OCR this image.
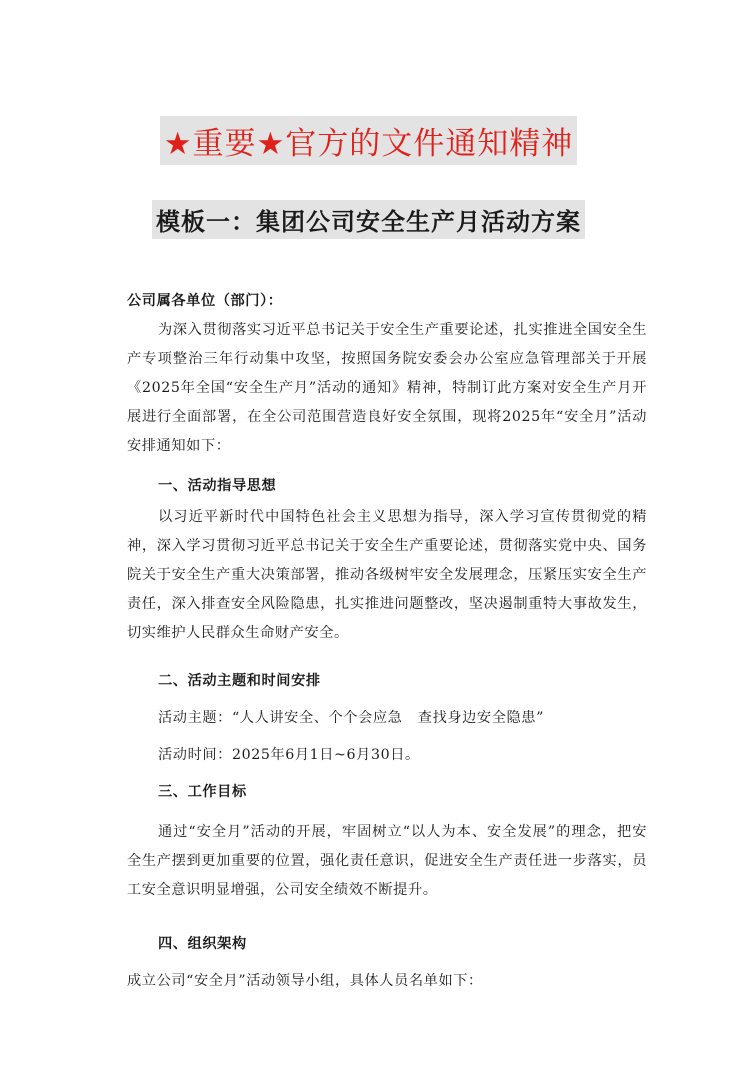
★重要★官方的文件通知精神
模板一：集团公司安全生产月活动方案
公司属各单位（部门）：
为深入贯彻落实习近平总书记关于安全生产重要论述，扎实推进全国安全生产专项整治三年行动集中攻坚，按照国务院安委会办公室应急管理部关于开展《2025年全国“安全生产月”活动的通知》精神，特制订此方案对安全生产月开展进行全面部署，在全公司范围营造良好安全氛围，现将2025年“安全月”活动安排通知如下：
一、活动指导思想
以习近平新时代中国特色社会主义思想为指导，深入学习宣传贯彻党的精神，深入学习贯彻习近平总书记关于安全生产重要论述，贯彻落实党中央、国务院关于安全生产重大决策部署，推动各级树牢安全发展理念，压紧压实安全生产责任，深入排查安全风险隐患，扎实推进问题整改，坚决遏制重特大事故发生，切实维护人民群众生命财产安全。
二、活动主题和时间安排
活动主题：“人人讲安全、个个会应急   查找身边安全隐患”
活动时间：2025年6月1日~6月30日。
三、工作目标
通过“安全月”活动的开展，牢固树立“以人为本、安全发展”的理念，把安全生产摆到更加重要的位置，强化责任意识，促进安全生产责任进一步落实，员工安全意识明显增强，公司安全绩效不断提升。
四、组织架构
成立公司“安全月”活动领导小组，具体人员名单如下：
